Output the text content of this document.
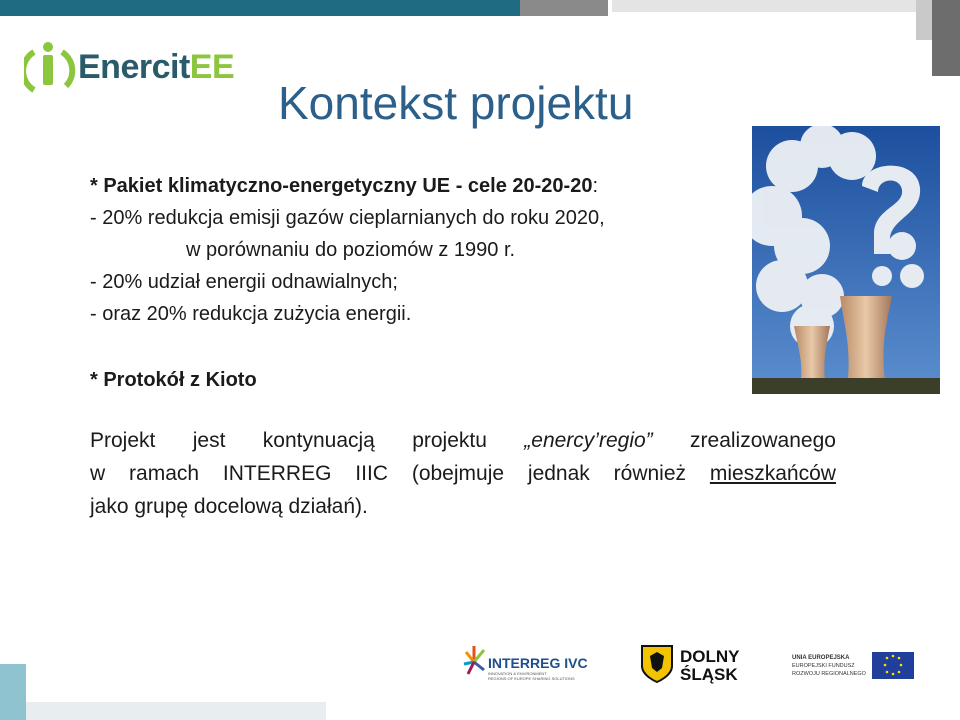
EnercitEE
Kontekst projektu

* Pakiet klimatyczno-energetyczny UE - cele 20-20-20:

- 20% redukcja emisji gazów cieplarnianych do roku 2020,

w porównaniu do poziomów z 1990 r.

- 20% udział energii odnawialnych;

- oraz 20% redukcja zużycia energii.

* Protokół z Kioto

Projekt jest kontynuacją projektu „enercy’regio” zrealizowanego
w ramach INTERREG IIIC (obejmuje jednak również mieszkańców
jako grupę docelową działań).
INTERREG IVC
INNOVATION & ENVIRONMENT
REGIONS OF EUROPE SHARING SOLUTIONS
DOLNY
ŚLĄSK
UNIA EUROPEJSKA
EUROPEJSKI FUNDUSZ
ROZWOJU REGIONALNEGO
